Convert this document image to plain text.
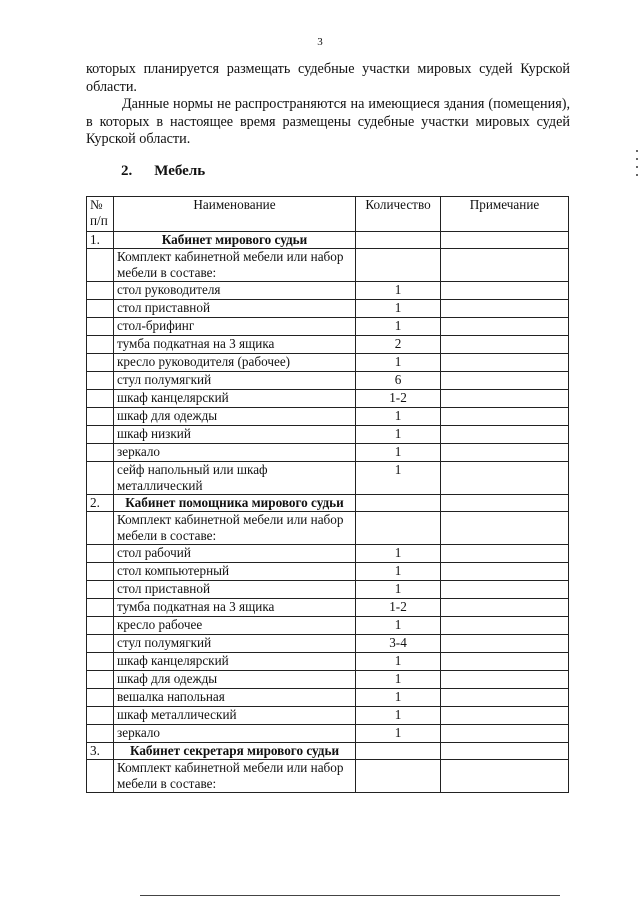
3
которых планируется размещать судебные участки мировых судей Курской области.
Данные нормы не распространяются на имеющиеся здания (помещения), в которых в настоящее время размещены судебные участки мировых судей Курской области.
2. Мебель
№ п/п	Наименование	Количество	Примечание
1.	Кабинет мирового судьи		
	Комплект кабинетной мебели или набор мебели в составе:		
	стол руководителя	1	
	стол приставной	1	
	стол-брифинг	1	
	тумба подкатная на 3 ящика	2	
	кресло руководителя (рабочее)	1	
	стул полумягкий	6	
	шкаф канцелярский	1-2	
	шкаф для одежды	1	
	шкаф низкий	1	
	зеркало	1	
	сейф напольный или шкаф металлический	1	
2.	Кабинет помощника мирового судьи		
	Комплект кабинетной мебели или набор мебели в составе:		
	стол рабочий	1	
	стол компьютерный	1	
	стол приставной	1	
	тумба подкатная на 3 ящика	1-2	
	кресло рабочее	1	
	стул полумягкий	3-4	
	шкаф канцелярский	1	
	шкаф для одежды	1	
	вешалка напольная	1	
	шкаф металлический	1	
	зеркало	1	
3.	Кабинет секретаря мирового судьи		
	Комплект кабинетной мебели или набор мебели в составе:		
